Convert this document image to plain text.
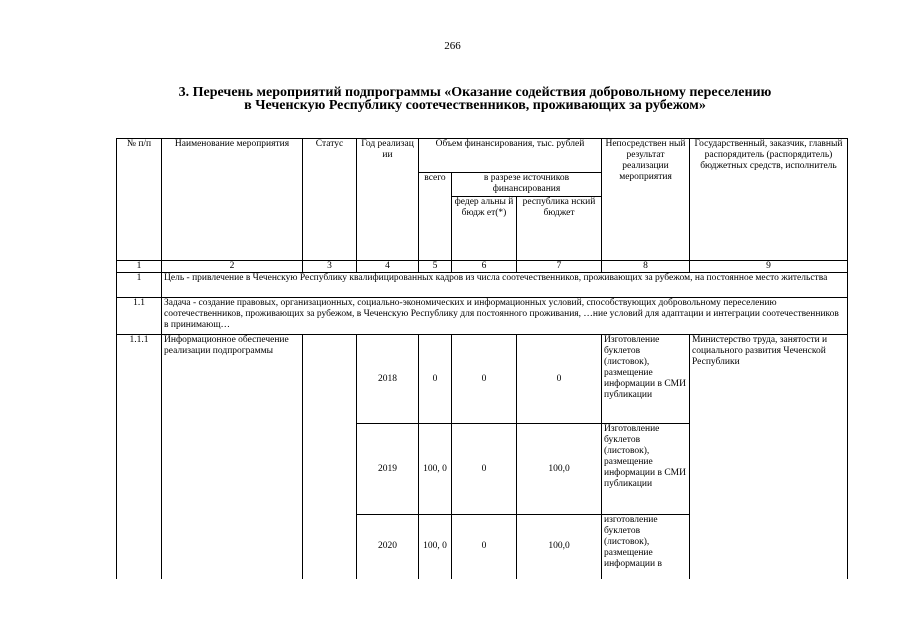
266
3. Перечень мероприятий подпрограммы «Оказание содействия добровольному переселению
в Чеченскую Республику соотечественников, проживающих за рубежом»
№ п/п	Наименование мероприятия	Статус	Год реализац ии	Объем финансирования, тыс. рублей			Непосредствен ный результат реализации мероприятия	Государственный, заказчик, главный распорядитель (распорядитель) бюджетных средств, исполнитель
				всего	в разрезе источников финансирования			
					федер альны й бюдж ет(*)	республика нский бюджет		
1	2	3	4	5	6	7	8	9
1	Цель - привлечение в Чеченскую Республику квалифицированных кадров из числа соотечественников, проживающих за рубежом, на постоянное место жительства							
1.1	Задача - создание правовых, организационных, социально-экономических и информационных условий, способствующих добровольному переселению соотечественников, проживающих за рубежом, в Чеченскую Республику для постоянного проживания, …ние условий для адаптации и интеграции соотечественников в принимающ…							
1.1.1	Информационное обеспечение реализации подпрограммы		2018	0	0	0	Изготовление буклетов (листовок), размещение информации в СМИ публикации	Министерство труда, занятости и социального развития Чеченской Республики
			2019	100, 0	0	100,0	Изготовление буклетов (листовок), размещение информации в СМИ публикации	
			2020	100, 0	0	100,0	изготовление буклетов (листовок), размещение информации в	
